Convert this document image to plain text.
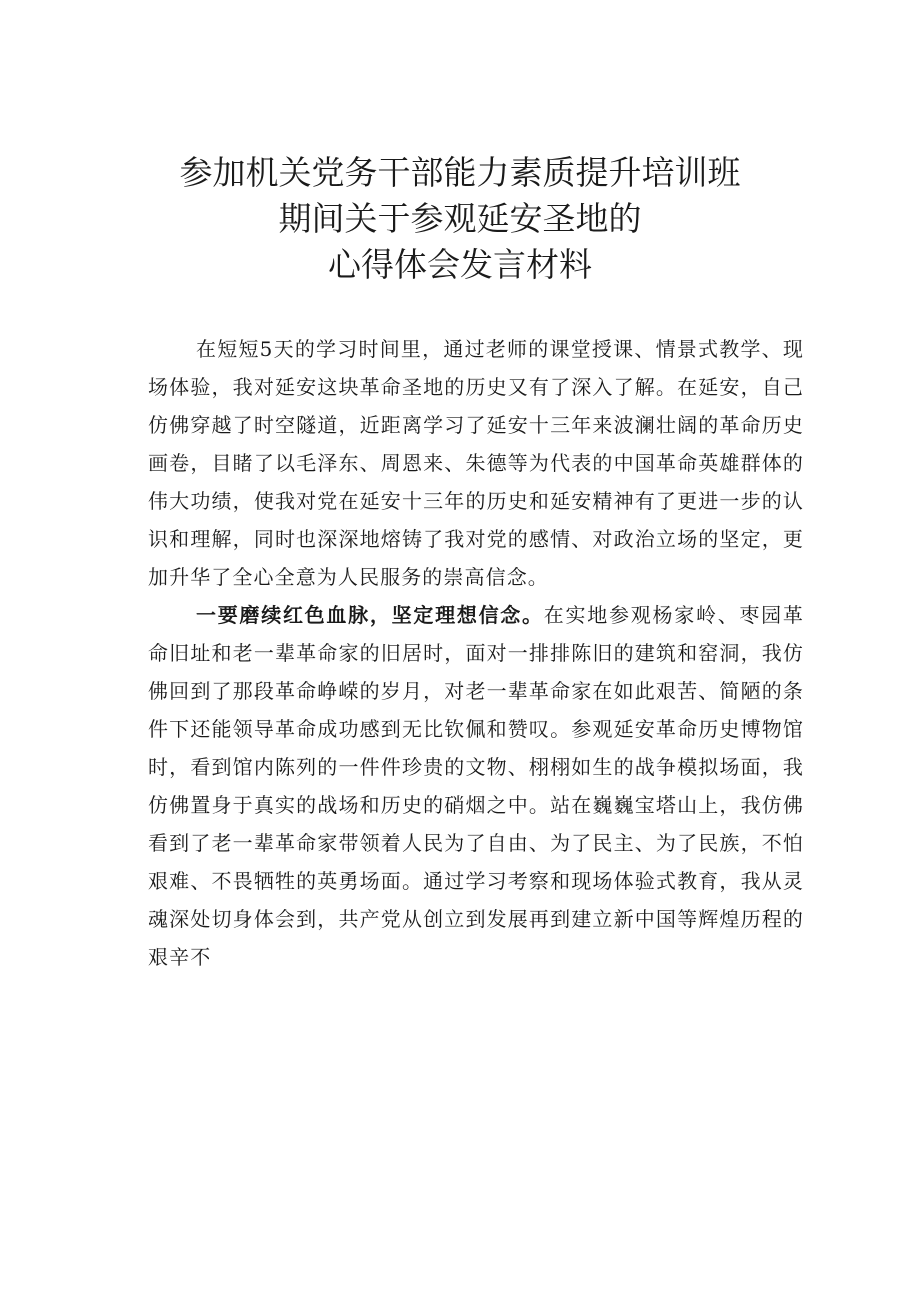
参加机关党务干部能力素质提升培训班
期间关于参观延安圣地的
心得体会发言材料

在短短5天的学习时间里，通过老师的课堂授课、情景式教学、现场体验，我对延安这块革命圣地的历史又有了深入了解。在延安，自己仿佛穿越了时空隧道，近距离学习了延安十三年来波澜壮阔的革命历史画卷，目睹了以毛泽东、周恩来、朱德等为代表的中国革命英雄群体的伟大功绩，使我对党在延安十三年的历史和延安精神有了更进一步的认识和理解，同时也深深地熔铸了我对党的感情、对政治立场的坚定，更加升华了全心全意为人民服务的崇高信念。

一要磨续红色血脉，坚定理想信念。在实地参观杨家岭、枣园革命旧址和老一辈革命家的旧居时，面对一排排陈旧的建筑和窑洞，我仿佛回到了那段革命峥嵘的岁月，对老一辈革命家在如此艰苦、简陋的条件下还能领导革命成功感到无比钦佩和赞叹。参观延安革命历史博物馆时，看到馆内陈列的一件件珍贵的文物、栩栩如生的战争模拟场面，我仿佛置身于真实的战场和历史的硝烟之中。站在巍巍宝塔山上，我仿佛看到了老一辈革命家带领着人民为了自由、为了民主、为了民族，不怕艰难、不畏牺牲的英勇场面。通过学习考察和现场体验式教育，我从灵魂深处切身体会到，共产党从创立到发展再到建立新中国等辉煌历程的艰辛不
